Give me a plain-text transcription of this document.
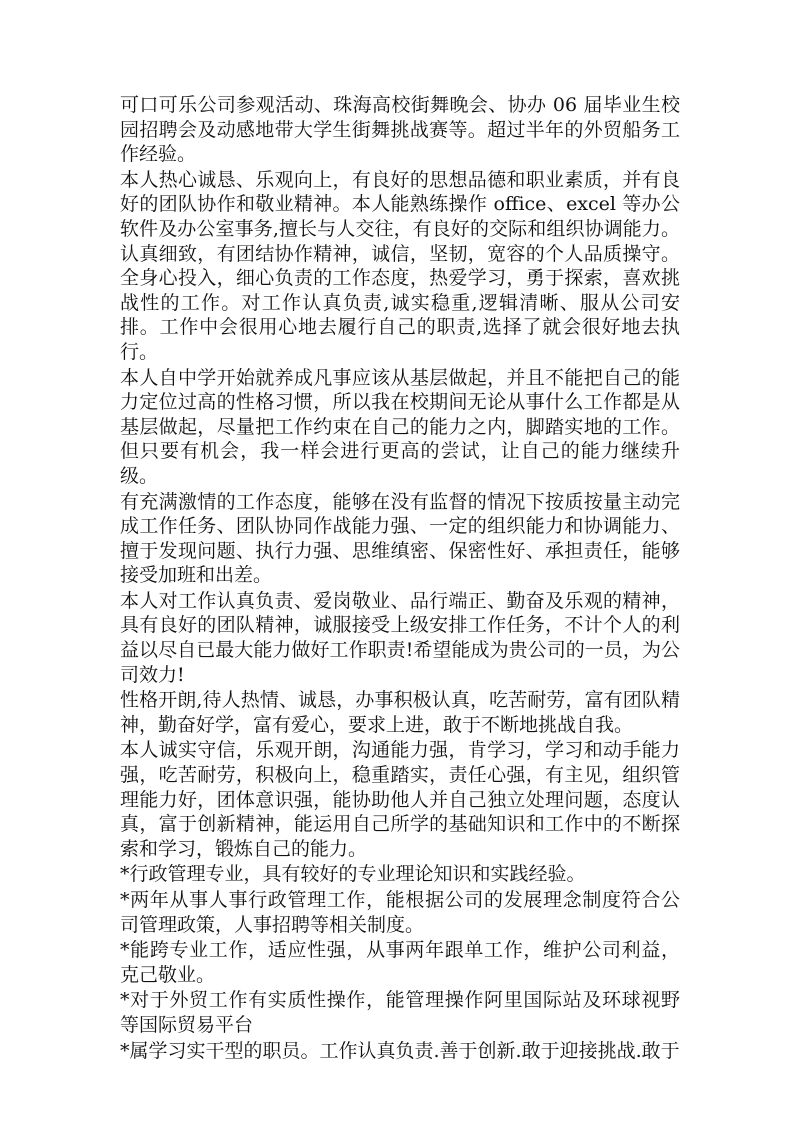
可口可乐公司参观活动、珠海高校街舞晚会、协办 06 届毕业生校园招聘会及动感地带大学生街舞挑战赛等。超过半年的外贸船务工作经验。

本人热心诚恳、乐观向上，有良好的思想品德和职业素质，并有良好的团队协作和敬业精神。本人能熟练操作 office、excel 等办公软件及办公室事务,擅长与人交往，有良好的交际和组织协调能力。认真细致，有团结协作精神，诚信，坚韧，宽容的个人品质操守。 全身心投入，细心负责的工作态度，热爱学习，勇于探索，喜欢挑战性的工作。对工作认真负责,诚实稳重,逻辑清晰、服从公司安排。工作中会很用心地去履行自己的职责,选择了就会很好地去执行。

本人自中学开始就养成凡事应该从基层做起，并且不能把自己的能力定位过高的性格习惯，所以我在校期间无论从事什么工作都是从基层做起，尽量把工作约束在自己的能力之内，脚踏实地的工作。但只要有机会，我一样会进行更高的尝试，让自己的能力继续升级。

有充满激情的工作态度，能够在没有监督的情况下按质按量主动完成工作任务、团队协同作战能力强、一定的组织能力和协调能力、擅于发现问题、执行力强、思维缜密、保密性好、承担责任，能够接受加班和出差。

本人对工作认真负责、爱岗敬业、品行端正、勤奋及乐观的精神，具有良好的团队精神，诚服接受上级安排工作任务，不计个人的利益以尽自已最大能力做好工作职责!希望能成为贵公司的一员，为公司效力!

性格开朗,待人热情、诚恳，办事积极认真，吃苦耐劳，富有团队精神，勤奋好学，富有爱心，要求上进，敢于不断地挑战自我。

本人诚实守信，乐观开朗，沟通能力强，肯学习，学习和动手能力强，吃苦耐劳，积极向上，稳重踏实，责任心强，有主见，组织管理能力好，团体意识强，能协助他人并自己独立处理问题，态度认真，富于创新精神，能运用自己所学的基础知识和工作中的不断探索和学习，锻炼自己的能力。

*行政管理专业，具有较好的专业理论知识和实践经验。

*两年从事人事行政管理工作，能根据公司的发展理念制度符合公司管理政策，人事招聘等相关制度。

*能跨专业工作，适应性强，从事两年跟单工作，维护公司利益，克己敬业。

*对于外贸工作有实质性操作，能管理操作阿里国际站及环球视野等国际贸易平台

*属学习实干型的职员。工作认真负责.善于创新.敢于迎接挑战.敢于
